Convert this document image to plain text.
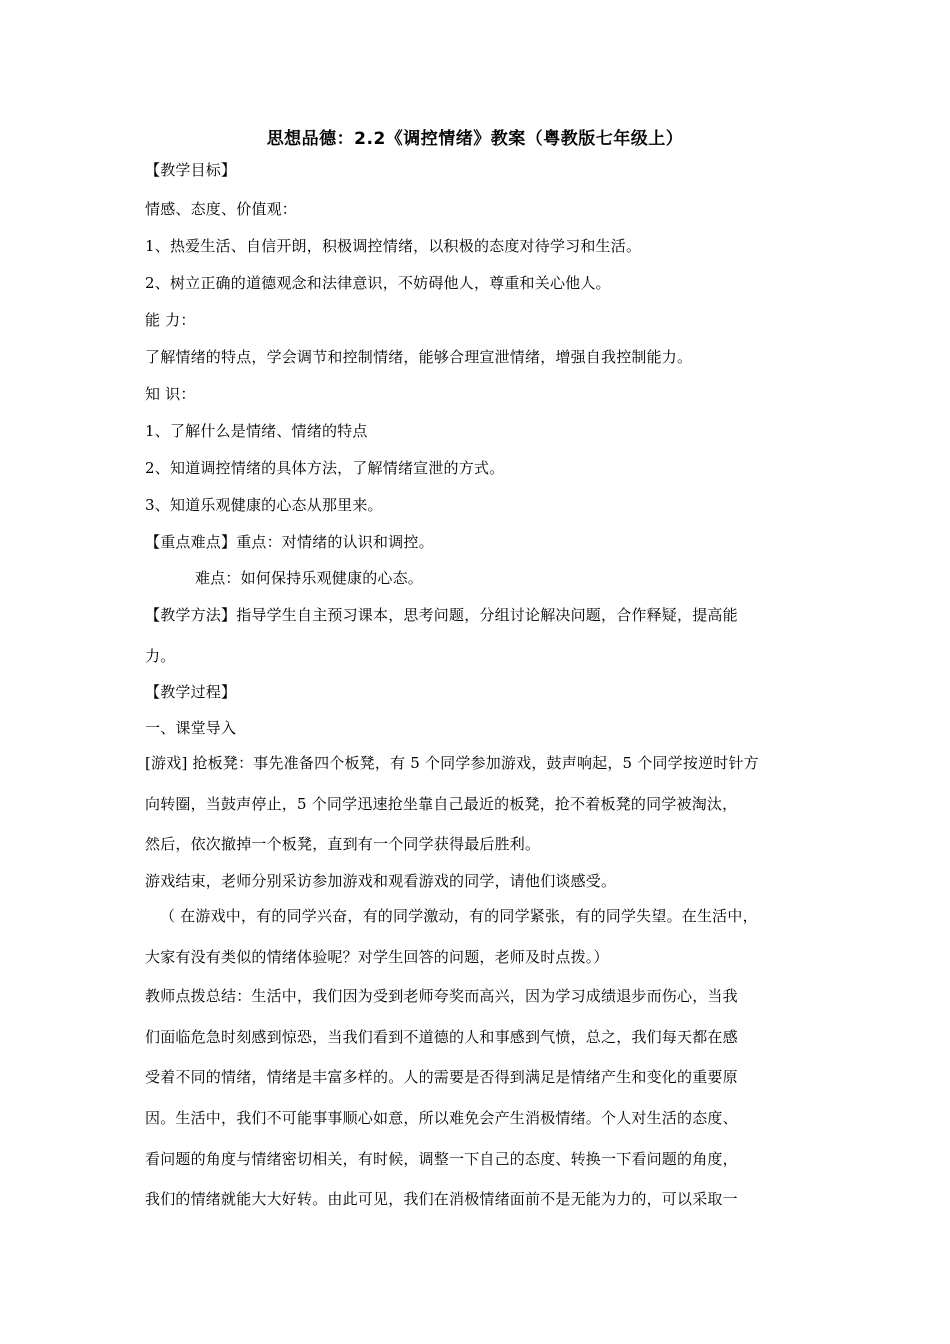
思想品德：2.2《调控情绪》教案（粤教版七年级上）
【教学目标】
情感、态度、价值观：
1、热爱生活、自信开朗，积极调控情绪，以积极的态度对待学习和生活。
2、树立正确的道德观念和法律意识，不妨碍他人，尊重和关心他人。
能 力：
了解情绪的特点，学会调节和控制情绪，能够合理宣泄情绪，增强自我控制能力。
知 识：
1、了解什么是情绪、情绪的特点
2、知道调控情绪的具体方法，了解情绪宣泄的方式。
3、知道乐观健康的心态从那里来。
【重点难点】重点：对情绪的认识和调控。
难点：如何保持乐观健康的心态。
【教学方法】指导学生自主预习课本，思考问题，分组讨论解决问题，合作释疑，提高能
力。
【教学过程】
一、课堂导入
[游戏] 抢板凳：事先准备四个板凳，有 5 个同学参加游戏，鼓声响起，5 个同学按逆时针方
向转圈，当鼓声停止，5 个同学迅速抢坐靠自己最近的板凳，抢不着板凳的同学被淘汰，
然后，依次撤掉一个板凳，直到有一个同学获得最后胜利。
游戏结束，老师分别采访参加游戏和观看游戏的同学，请他们谈感受。
（ 在游戏中，有的同学兴奋，有的同学激动，有的同学紧张，有的同学失望。在生活中，
大家有没有类似的情绪体验呢？对学生回答的问题，老师及时点拨。）
教师点拨总结：生活中，我们因为受到老师夸奖而高兴，因为学习成绩退步而伤心，当我
们面临危急时刻感到惊恐，当我们看到不道德的人和事感到气愤，总之，我们每天都在感
受着不同的情绪，情绪是丰富多样的。人的需要是否得到满足是情绪产生和变化的重要原
因。生活中，我们不可能事事顺心如意，所以难免会产生消极情绪。个人对生活的态度、
看问题的角度与情绪密切相关，有时候，调整一下自己的态度、转换一下看问题的角度，
我们的情绪就能大大好转。由此可见，我们在消极情绪面前不是无能为力的，可以采取一
